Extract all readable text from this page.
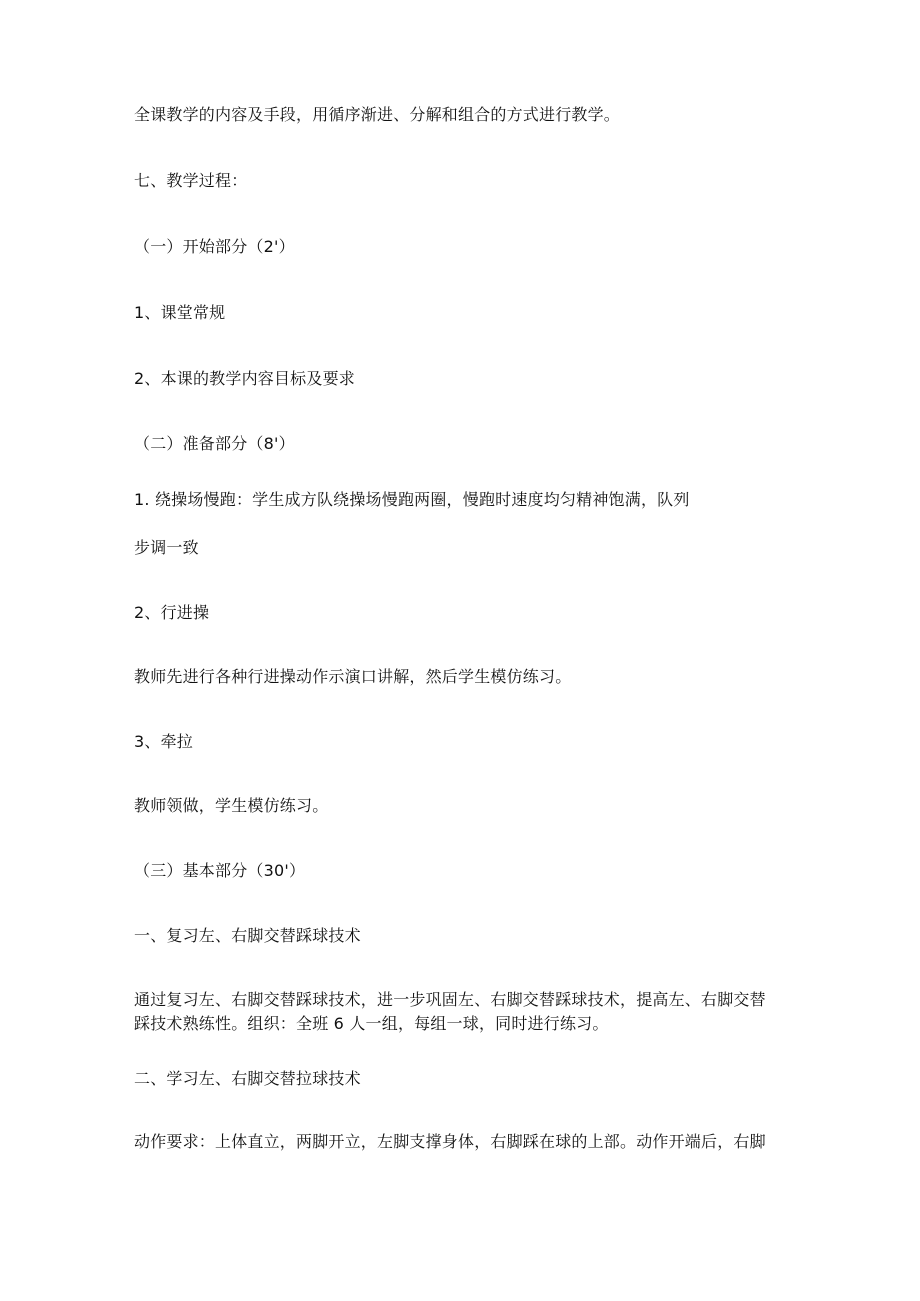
全课教学的内容及手段，用循序渐进、分解和组合的方式进行教学。
七、教学过程：
（一）开始部分（2'）
1、课堂常规
2、本课的教学内容目标及要求
（二）准备部分（8'）
1. 绕操场慢跑：学生成方队绕操场慢跑两圈，慢跑时速度均匀精神饱满，队列
步调一致
2、行进操
教师先进行各种行进操动作示演口讲解，然后学生模仿练习。
3、牵拉
教师领做，学生模仿练习。
（三）基本部分（30'）
一、复习左、右脚交替踩球技术
通过复习左、右脚交替踩球技术，进一步巩固左、右脚交替踩球技术，提高左、右脚交替
踩技术熟练性。组织：全班 6 人一组，每组一球，同时进行练习。
二、学习左、右脚交替拉球技术
动作要求：上体直立，两脚开立，左脚支撑身体，右脚踩在球的上部。动作开端后，右脚
